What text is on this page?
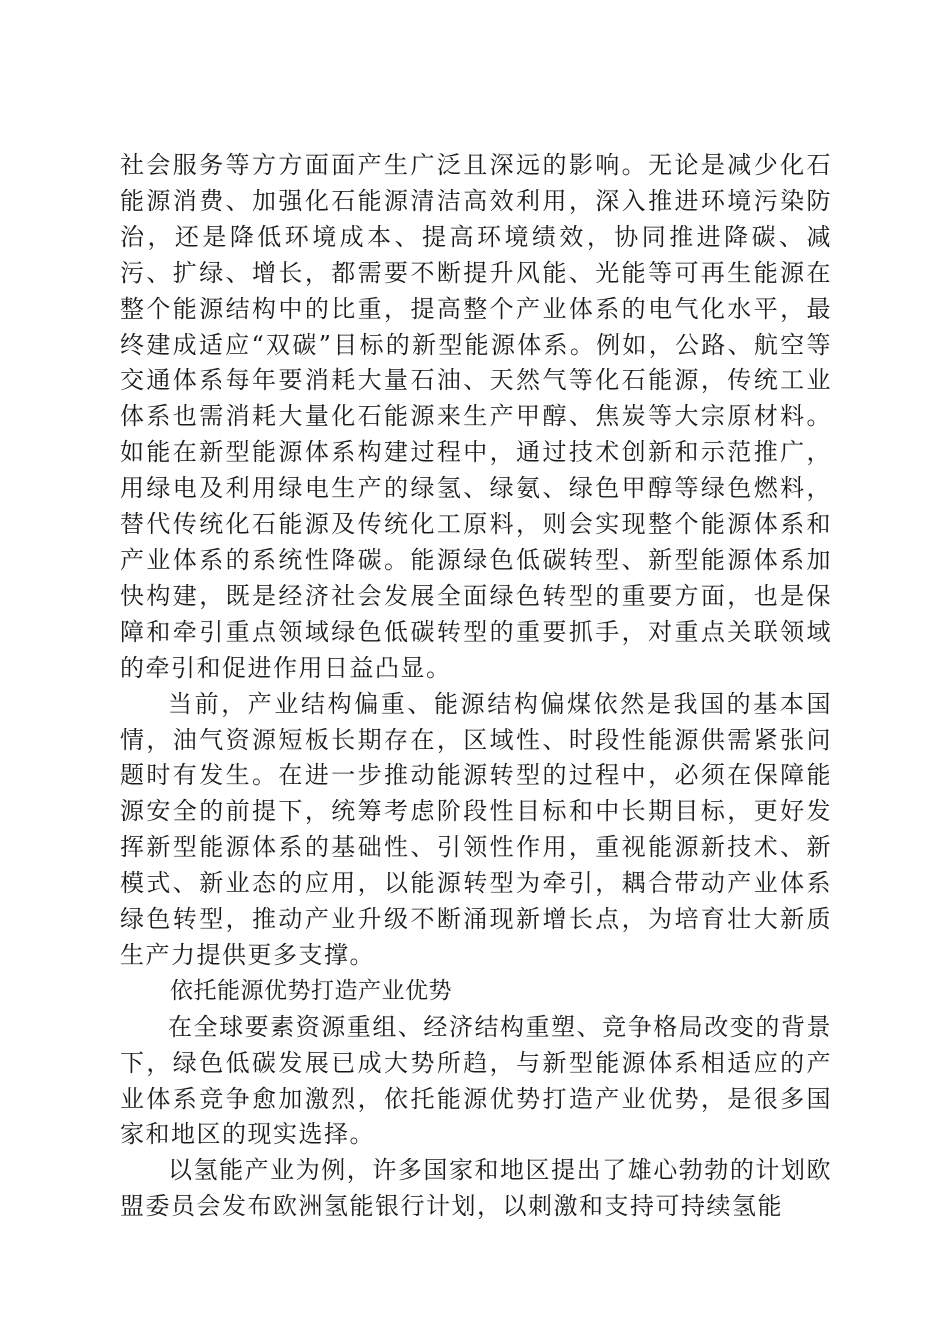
社会服务等方方面面产生广泛且深远的影响。无论是减少化石能源消费、加强化石能源清洁高效利用，深入推进环境污染防治，还是降低环境成本、提高环境绩效，协同推进降碳、减污、扩绿、增长，都需要不断提升风能、光能等可再生能源在整个能源结构中的比重，提高整个产业体系的电气化水平，最终建成适应“双碳”目标的新型能源体系。例如，公路、航空等交通体系每年要消耗大量石油、天然气等化石能源，传统工业体系也需消耗大量化石能源来生产甲醇、焦炭等大宗原材料。如能在新型能源体系构建过程中，通过技术创新和示范推广，用绿电及利用绿电生产的绿氢、绿氨、绿色甲醇等绿色燃料，替代传统化石能源及传统化工原料，则会实现整个能源体系和产业体系的系统性降碳。能源绿色低碳转型、新型能源体系加快构建，既是经济社会发展全面绿色转型的重要方面，也是保障和牵引重点领域绿色低碳转型的重要抓手，对重点关联领域的牵引和促进作用日益凸显。

当前，产业结构偏重、能源结构偏煤依然是我国的基本国情，油气资源短板长期存在，区域性、时段性能源供需紧张问题时有发生。在进一步推动能源转型的过程中，必须在保障能源安全的前提下，统筹考虑阶段性目标和中长期目标，更好发挥新型能源体系的基础性、引领性作用，重视能源新技术、新模式、新业态的应用，以能源转型为牵引，耦合带动产业体系绿色转型，推动产业升级不断涌现新增长点，为培育壮大新质生产力提供更多支撑。

依托能源优势打造产业优势

在全球要素资源重组、经济结构重塑、竞争格局改变的背景下，绿色低碳发展已成大势所趋，与新型能源体系相适应的产业体系竞争愈加激烈，依托能源优势打造产业优势，是很多国家和地区的现实选择。

以氢能产业为例，许多国家和地区提出了雄心勃勃的计划欧盟委员会发布欧洲氢能银行计划，以刺激和支持可持续氢能
